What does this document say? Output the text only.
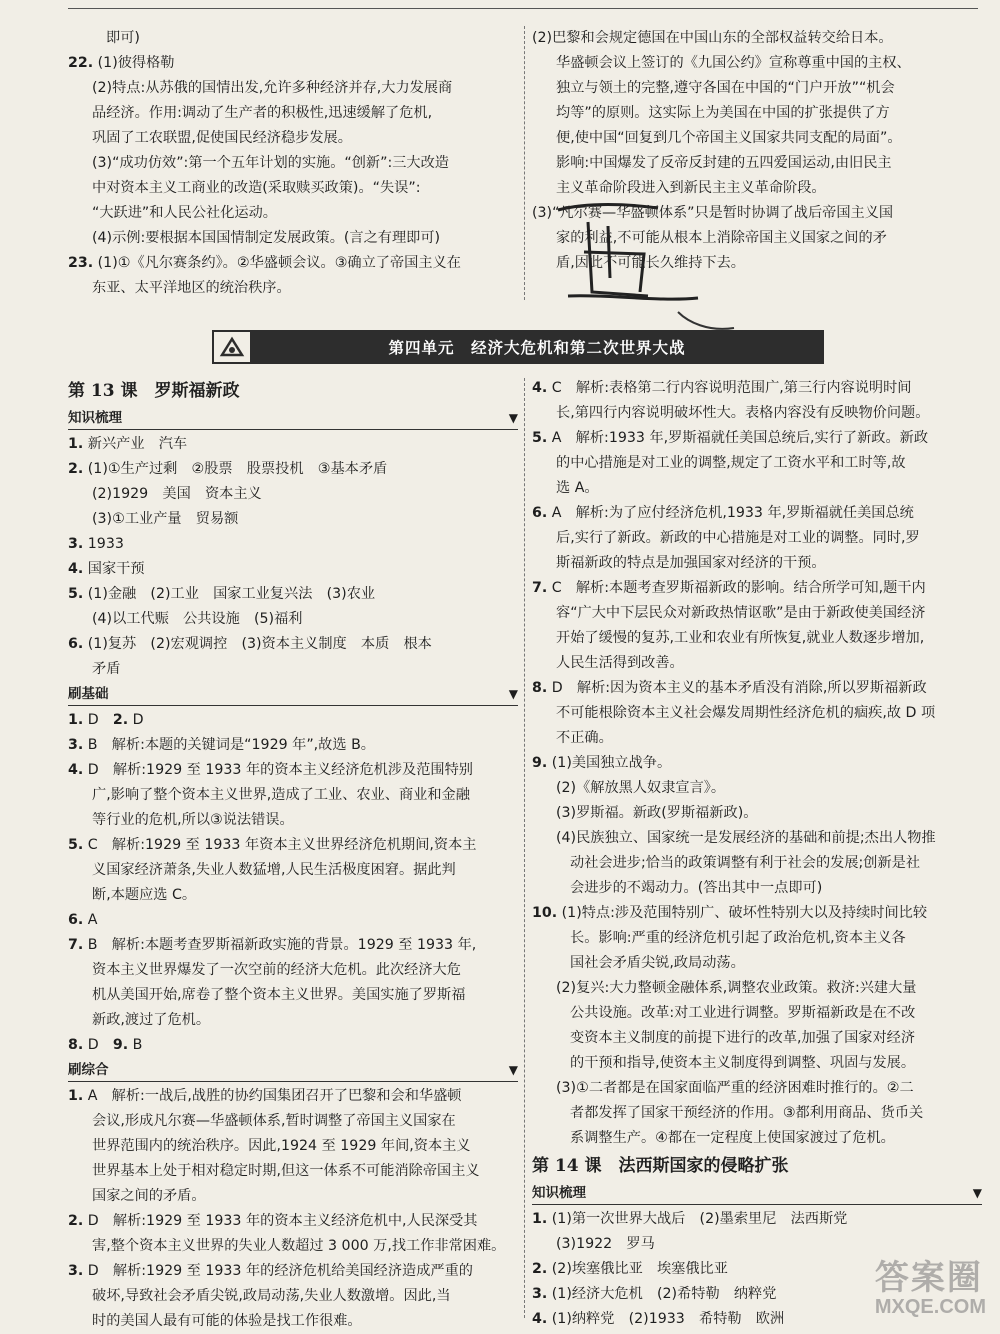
即可)
22. (1)彼得格勒
(2)特点:从苏俄的国情出发,允许多种经济并存,大力发展商
品经济。作用:调动了生产者的积极性,迅速缓解了危机,
巩固了工农联盟,促使国民经济稳步发展。
(3)“成功仿效”:第一个五年计划的实施。“创新”:三大改造
中对资本主义工商业的改造(采取赎买政策)。“失误”:
“大跃进”和人民公社化运动。
(4)示例:要根据本国国情制定发展政策。(言之有理即可)
23. (1)①《凡尔赛条约》。②华盛顿会议。③确立了帝国主义在
东亚、太平洋地区的统治秩序。
(2)巴黎和会规定德国在中国山东的全部权益转交给日本。
华盛顿会议上签订的《九国公约》宣称尊重中国的主权、
独立与领土的完整,遵守各国在中国的“门户开放”“机会
均等”的原则。这实际上为美国在中国的扩张提供了方
便,使中国“回复到几个帝国主义国家共同支配的局面”。
影响:中国爆发了反帝反封建的五四爱国运动,由旧民主
主义革命阶段进入到新民主主义革命阶段。
(3)“凡尔赛—华盛顿体系”只是暂时协调了战后帝国主义国
家的利益,不可能从根本上消除帝国主义国家之间的矛
盾,因此不可能长久维持下去。
第四单元　经济大危机和第二次世界大战
第 13 课　罗斯福新政
知识梳理	▼
1. 新兴产业　汽车
2. (1)①生产过剩　②股票　股票投机　③基本矛盾
(2)1929　美国　资本主义
(3)①工业产量　贸易额
3. 1933
4. 国家干预
5. (1)金融　(2)工业　国家工业复兴法　(3)农业
(4)以工代赈　公共设施　(5)福利
6. (1)复苏　(2)宏观调控　(3)资本主义制度　本质　根本
矛盾
刷基础	▼
1. D　2. D
3. B　解析:本题的关键词是“1929 年”,故选 B。
4. D　解析:1929 至 1933 年的资本主义经济危机涉及范围特别
广,影响了整个资本主义世界,造成了工业、农业、商业和金融
等行业的危机,所以③说法错误。
5. C　解析:1929 至 1933 年资本主义世界经济危机期间,资本主
义国家经济萧条,失业人数猛增,人民生活极度困窘。据此判
断,本题应选 C。
6. A
7. B　解析:本题考查罗斯福新政实施的背景。1929 至 1933 年,
资本主义世界爆发了一次空前的经济大危机。此次经济大危
机从美国开始,席卷了整个资本主义世界。美国实施了罗斯福
新政,渡过了危机。
8. D　9. B
刷综合	▼
1. A　解析:一战后,战胜的协约国集团召开了巴黎和会和华盛顿
会议,形成凡尔赛—华盛顿体系,暂时调整了帝国主义国家在
世界范围内的统治秩序。因此,1924 至 1929 年间,资本主义
世界基本上处于相对稳定时期,但这一体系不可能消除帝国主义
国家之间的矛盾。
2. D　解析:1929 至 1933 年的资本主义经济危机中,人民深受其
害,整个资本主义世界的失业人数超过 3 000 万,找工作非常困难。
3. D　解析:1929 至 1933 年的经济危机给美国经济造成严重的
破坏,导致社会矛盾尖锐,政局动荡,失业人数激增。因此,当
时的美国人最有可能的体验是找工作很难。
4. C　解析:表格第二行内容说明范围广,第三行内容说明时间
长,第四行内容说明破坏性大。表格内容没有反映物价问题。
5. A　解析:1933 年,罗斯福就任美国总统后,实行了新政。新政
的中心措施是对工业的调整,规定了工资水平和工时等,故
选 A。
6. A　解析:为了应付经济危机,1933 年,罗斯福就任美国总统
后,实行了新政。新政的中心措施是对工业的调整。同时,罗
斯福新政的特点是加强国家对经济的干预。
7. C　解析:本题考查罗斯福新政的影响。结合所学可知,题干内
容“广大中下层民众对新政热情讴歌”是由于新政使美国经济
开始了缓慢的复苏,工业和农业有所恢复,就业人数逐步增加,
人民生活得到改善。
8. D　解析:因为资本主义的基本矛盾没有消除,所以罗斯福新政
不可能根除资本主义社会爆发周期性经济危机的痼疾,故 D 项
不正确。
9. (1)美国独立战争。
(2)《解放黑人奴隶宣言》。
(3)罗斯福。新政(罗斯福新政)。
(4)民族独立、国家统一是发展经济的基础和前提;杰出人物推
动社会进步;恰当的政策调整有利于社会的发展;创新是社
会进步的不竭动力。(答出其中一点即可)
10. (1)特点:涉及范围特别广、破坏性特别大以及持续时间比较
长。影响:严重的经济危机引起了政治危机,资本主义各
国社会矛盾尖锐,政局动荡。
(2)复兴:大力整顿金融体系,调整农业政策。救济:兴建大量
公共设施。改革:对工业进行调整。罗斯福新政是在不改
变资本主义制度的前提下进行的改革,加强了国家对经济
的干预和指导,使资本主义制度得到调整、巩固与发展。
(3)①二者都是在国家面临严重的经济困难时推行的。②二
者都发挥了国家干预经济的作用。③都利用商品、货币关
系调整生产。④都在一定程度上使国家渡过了危机。
第 14 课　法西斯国家的侵略扩张
知识梳理	▼
1. (1)第一次世界大战后　(2)墨索里尼　法西斯党
(3)1922　罗马
2. (2)埃塞俄比亚　埃塞俄比亚
3. (1)经济大危机　(2)希特勒　纳粹党
4. (1)纳粹党　(2)1933　希特勒　欧洲
答案圈
MXQE.COM
